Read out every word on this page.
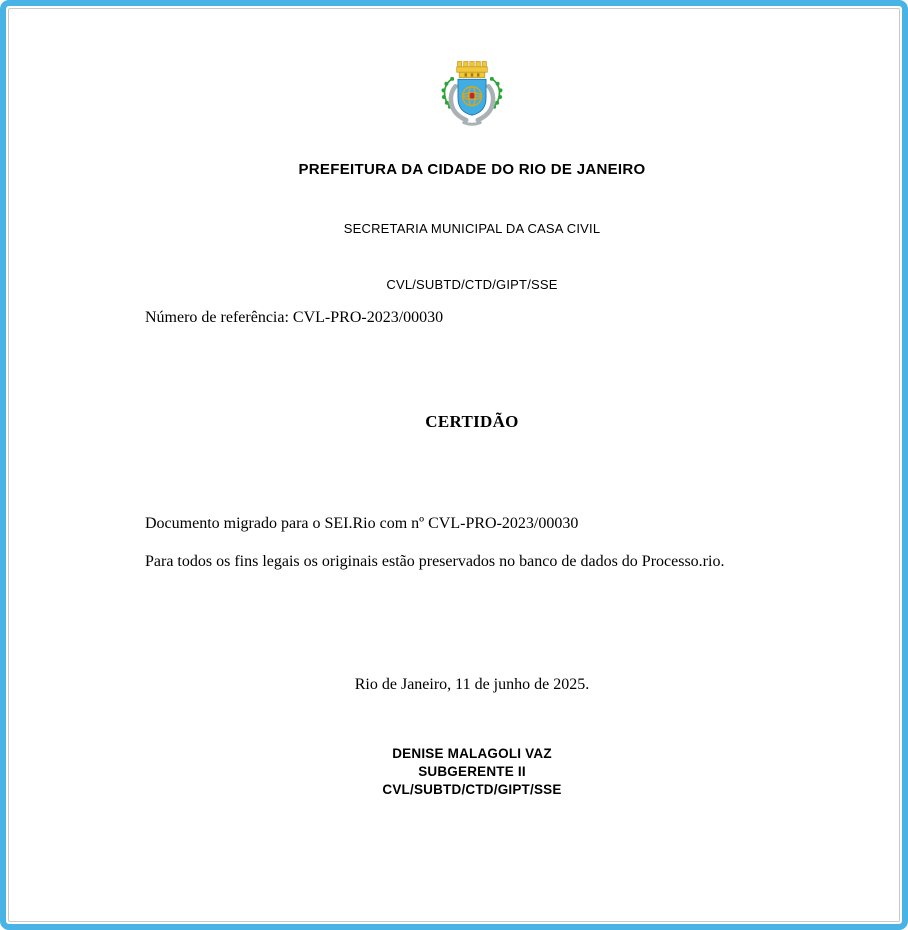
PREFEITURA DA CIDADE DO RIO DE JANEIRO
SECRETARIA MUNICIPAL DA CASA CIVIL
CVL/SUBTD/CTD/GIPT/SSE
Número de referência: CVL-PRO-2023/00030
CERTIDÃO

Documento migrado para o SEI.Rio com nº CVL-PRO-2023/00030

Para todos os fins legais os originais estão preservados no banco de dados do Processo.rio.

Rio de Janeiro, 11 de junho de 2025.
DENISE MALAGOLI VAZ
SUBGERENTE II
CVL/SUBTD/CTD/GIPT/SSE
